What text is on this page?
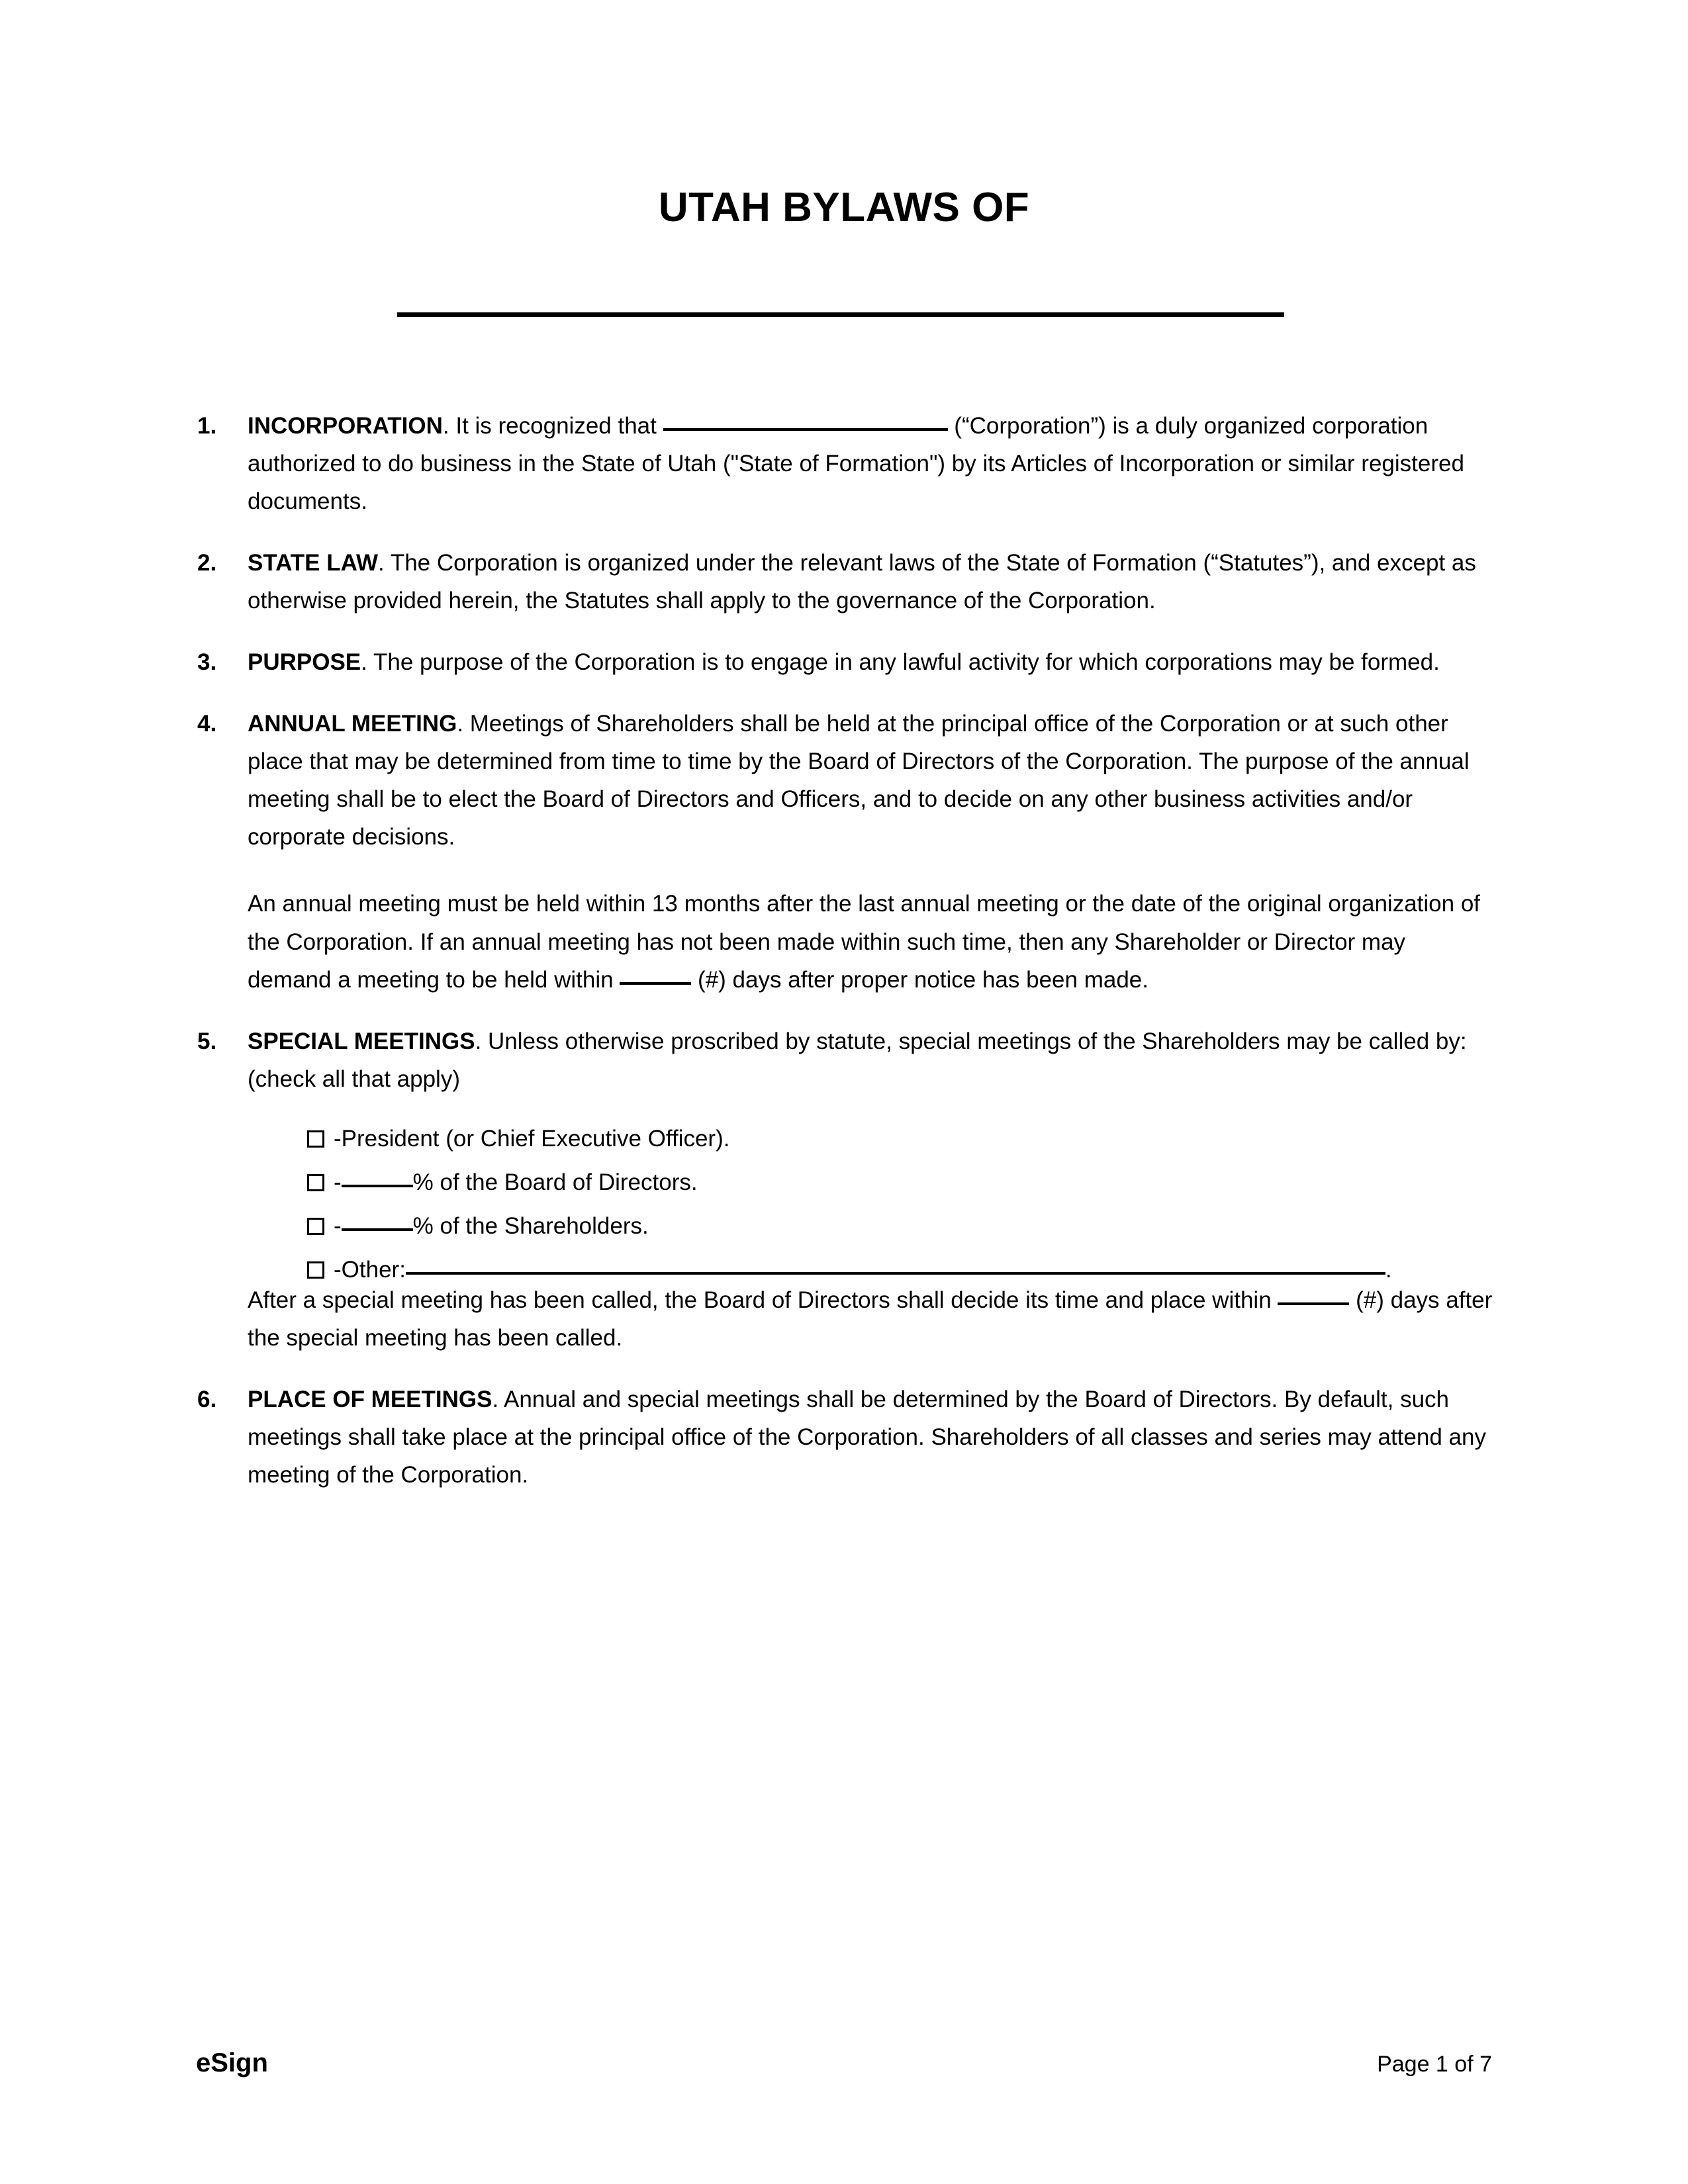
UTAH BYLAWS OF
1.	INCORPORATION. It is recognized that	(“Corporation”) is a duly organized corporation authorized to do business in the State of Utah ("State of Formation") by its Articles of Incorporation or similar registered documents.

2.	STATE LAW. The Corporation is organized under the relevant laws of the State of Formation (“Statutes”), and except as otherwise provided herein, the Statutes shall apply to the governance of the Corporation.

3.	PURPOSE. The purpose of the Corporation is to engage in any lawful activity for which corporations may be formed.

4.	ANNUAL MEETING. Meetings of Shareholders shall be held at the principal office of the Corporation or at such other place that may be determined from time to time by the Board of Directors of the Corporation. The purpose of the annual meeting shall be to elect the Board of Directors and Officers, and to decide on any other business activities and/or corporate decisions.

An annual meeting must be held within 13 months after the last annual meeting or the date of the original organization of the Corporation. If an annual meeting has not been made within such time, then any Shareholder or Director may demand a meeting to be held within	(#) days after proper notice has been made.

5.	SPECIAL MEETINGS. Unless otherwise proscribed by statute, special meetings of the Shareholders may be called by: (check all that apply)

- President (or Chief Executive Officer).
-	% of the Board of Directors.
-	% of the Shareholders.
- Other:	.

After a special meeting has been called, the Board of Directors shall decide its time and place within	(#) days after the special meeting has been called.

6.	PLACE OF MEETINGS. Annual and special meetings shall be determined by the Board of Directors. By default, such meetings shall take place at the principal office of the Corporation. Shareholders of all classes and series may attend any meeting of the Corporation.

eSign	Page 1 of 7
